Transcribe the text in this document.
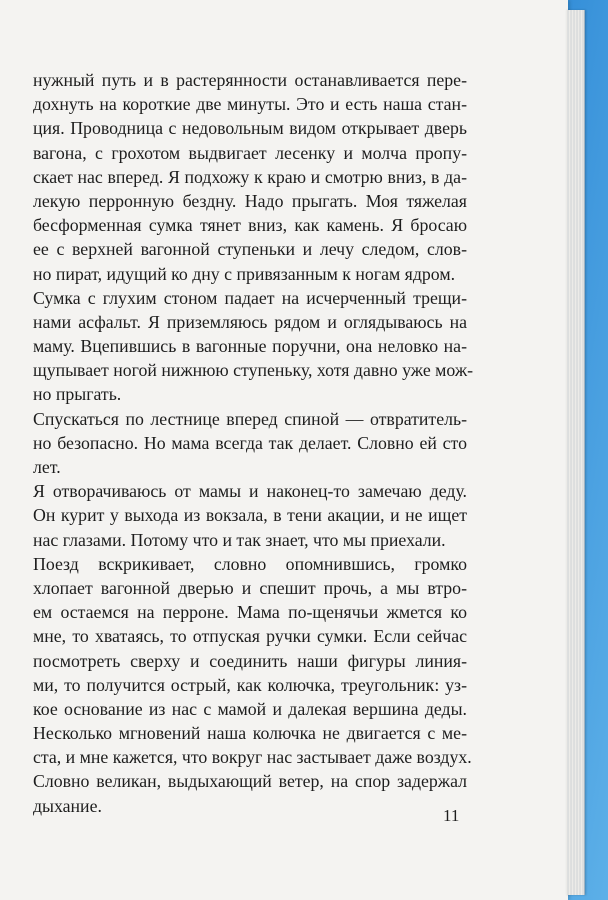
нужный путь и в растерянности останавливается пере-
дохнуть на короткие две минуты. Это и есть наша стан-
ция. Проводница с недовольным видом открывает дверь
вагона, с грохотом выдвигает лесенку и молча пропу-
скает нас вперед. Я подхожу к краю и смотрю вниз, в да-
лекую перронную бездну. Надо прыгать. Моя тяжелая
бесформенная сумка тянет вниз, как камень. Я бросаю
ее с верхней вагонной ступеньки и лечу следом, слов-
но пират, идущий ко дну с привязанным к ногам ядром.
Сумка с глухим стоном падает на исчерченный трещи-
нами асфальт. Я приземляюсь рядом и оглядываюсь на
маму. Вцепившись в вагонные поручни, она неловко на-
щупывает ногой нижнюю ступеньку, хотя давно уже мож-
но прыгать.
Спускаться по лестнице вперед спиной — отвратитель-
но безопасно. Но мама всегда так делает. Словно ей сто
лет.
Я отворачиваюсь от мамы и наконец-то замечаю деду.
Он курит у выхода из вокзала, в тени акации, и не ищет
нас глазами. Потому что и так знает, что мы приехали.
Поезд вскрикивает, словно опомнившись, громко
хлопает вагонной дверью и спешит прочь, а мы втро-
ем остаемся на перроне. Мама по-щенячьи жмется ко
мне, то хватаясь, то отпуская ручки сумки. Если сейчас
посмотреть сверху и соединить наши фигуры линия-
ми, то получится острый, как колючка, треугольник: уз-
кое основание из нас с мамой и далекая вершина деды.
Несколько мгновений наша колючка не двигается с ме-
ста, и мне кажется, что вокруг нас застывает даже воздух.
Словно великан, выдыхающий ветер, на спор задержал
дыхание.	11
